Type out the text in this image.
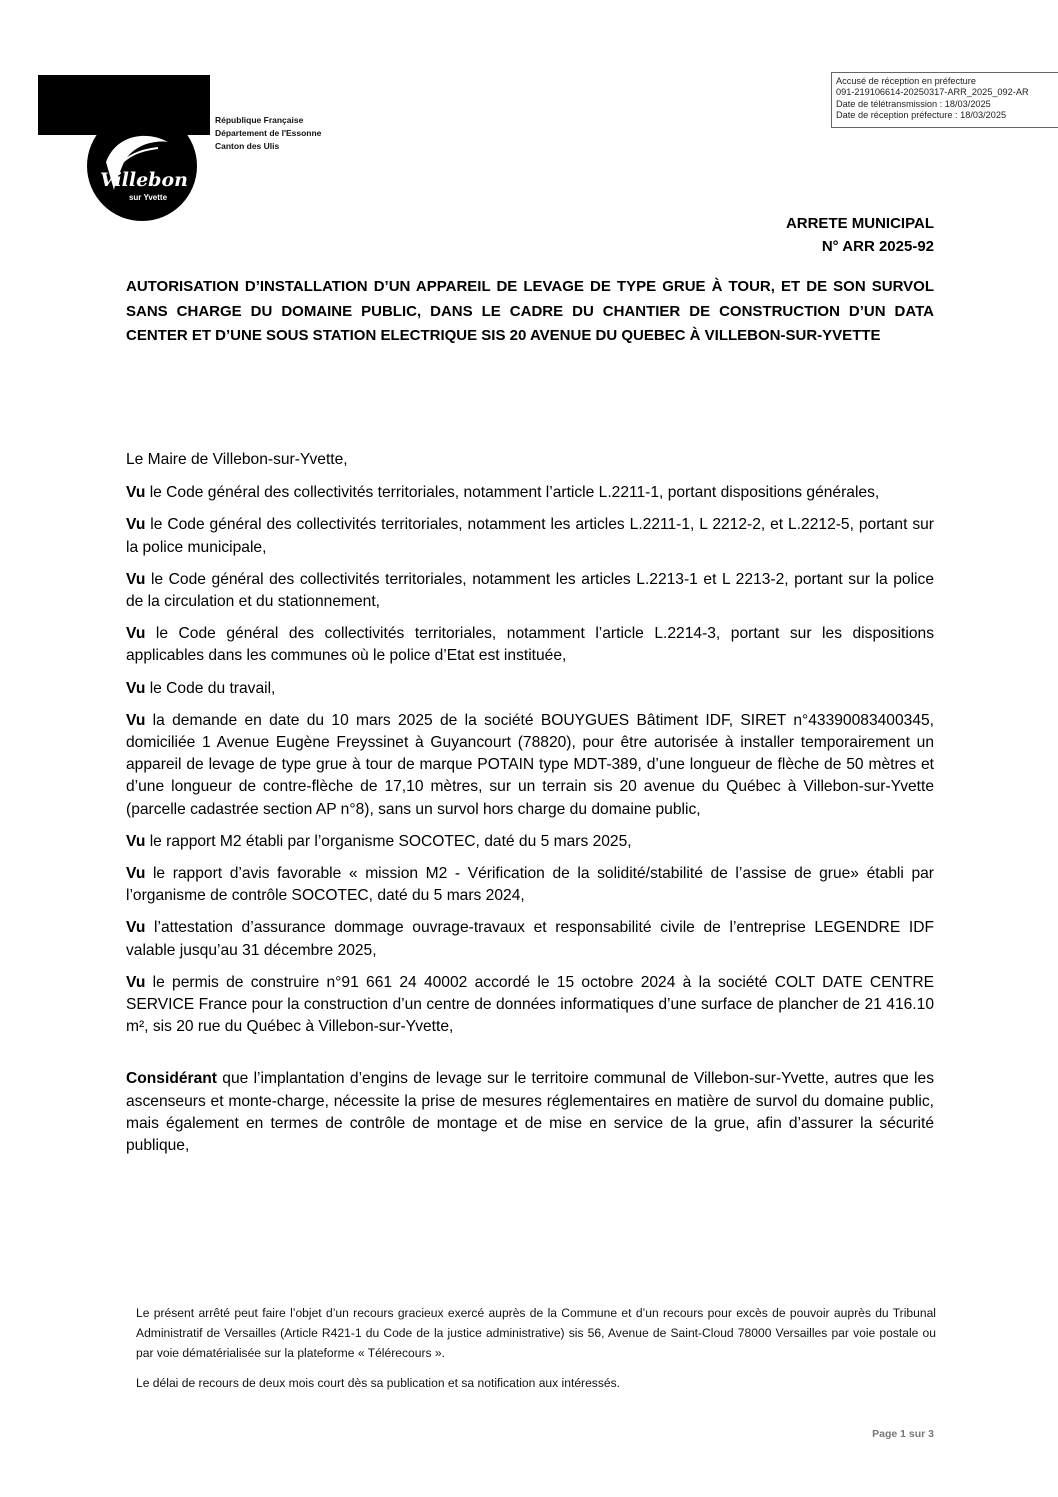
Villebon
sur Yvette
République Française
Département de l'Essonne
Canton des Ulis
Accusé de réception en préfecture
091-219106614-20250317-ARR_2025_092-AR
Date de télétransmission : 18/03/2025
Date de réception préfecture : 18/03/2025
ARRETE MUNICIPAL
N° ARR 2025-92
AUTORISATION D’INSTALLATION D’UN APPAREIL DE LEVAGE DE TYPE GRUE À TOUR, ET DE SON SURVOL SANS CHARGE DU DOMAINE PUBLIC, DANS LE CADRE DU CHANTIER DE CONSTRUCTION D’UN DATA CENTER ET D’UNE SOUS STATION ELECTRIQUE SIS 20 AVENUE DU QUEBEC À VILLEBON-SUR-YVETTE

Le Maire de Villebon-sur-Yvette,

Vu le Code général des collectivités territoriales, notamment l’article L.2211-1, portant dispositions générales,

Vu le Code général des collectivités territoriales, notamment les articles L.2211-1, L 2212-2, et L.2212-5, portant sur la police municipale,

Vu le Code général des collectivités territoriales, notamment les articles L.2213-1 et L 2213-2, portant sur la police de la circulation et du stationnement,

Vu le Code général des collectivités territoriales, notamment l’article L.2214-3, portant sur les dispositions applicables dans les communes où le police d’Etat est instituée,

Vu le Code du travail,

Vu la demande en date du 10 mars 2025 de la société BOUYGUES Bâtiment IDF, SIRET n°43390083400345, domiciliée 1 Avenue Eugène Freyssinet à Guyancourt (78820), pour être autorisée à installer temporairement un appareil de levage de type grue à tour de marque POTAIN type MDT-389, d’une longueur de flèche de 50 mètres et d’une longueur de contre-flèche de 17,10 mètres, sur un terrain sis 20 avenue du Québec à Villebon-sur-Yvette (parcelle cadastrée section AP n°8), sans un survol hors charge du domaine public,

Vu le rapport M2 établi par l’organisme SOCOTEC, daté du 5 mars 2025,

Vu le rapport d’avis favorable « mission M2 - Vérification de la solidité/stabilité de l’assise de grue» établi par l’organisme de contrôle SOCOTEC, daté du 5 mars 2024,

Vu l’attestation d’assurance dommage ouvrage-travaux et responsabilité civile de l’entreprise LEGENDRE IDF valable jusqu’au 31 décembre 2025,

Vu le permis de construire n°91 661 24 40002 accordé le 15 octobre 2024 à la société COLT DATE CENTRE SERVICE France pour la construction d’un centre de données informatiques d’une surface de plancher de 21 416.10 m², sis 20 rue du Québec à Villebon-sur-Yvette,

Considérant que l’implantation d’engins de levage sur le territoire communal de Villebon-sur-Yvette, autres que les ascenseurs et monte-charge, nécessite la prise de mesures réglementaires en matière de survol du domaine public, mais également en termes de contrôle de montage et de mise en service de la grue, afin d’assurer la sécurité publique,

Le présent arrêté peut faire l’objet d’un recours gracieux exercé auprès de la Commune et d’un recours pour excès de pouvoir auprès du Tribunal Administratif de Versailles (Article R421-1 du Code de la justice administrative) sis 56, Avenue de Saint-Cloud 78000 Versailles par voie postale ou par voie dématérialisée sur la plateforme « Télérecours ».

Le délai de recours de deux mois court dès sa publication et sa notification aux intéressés.

Page 1 sur 3
